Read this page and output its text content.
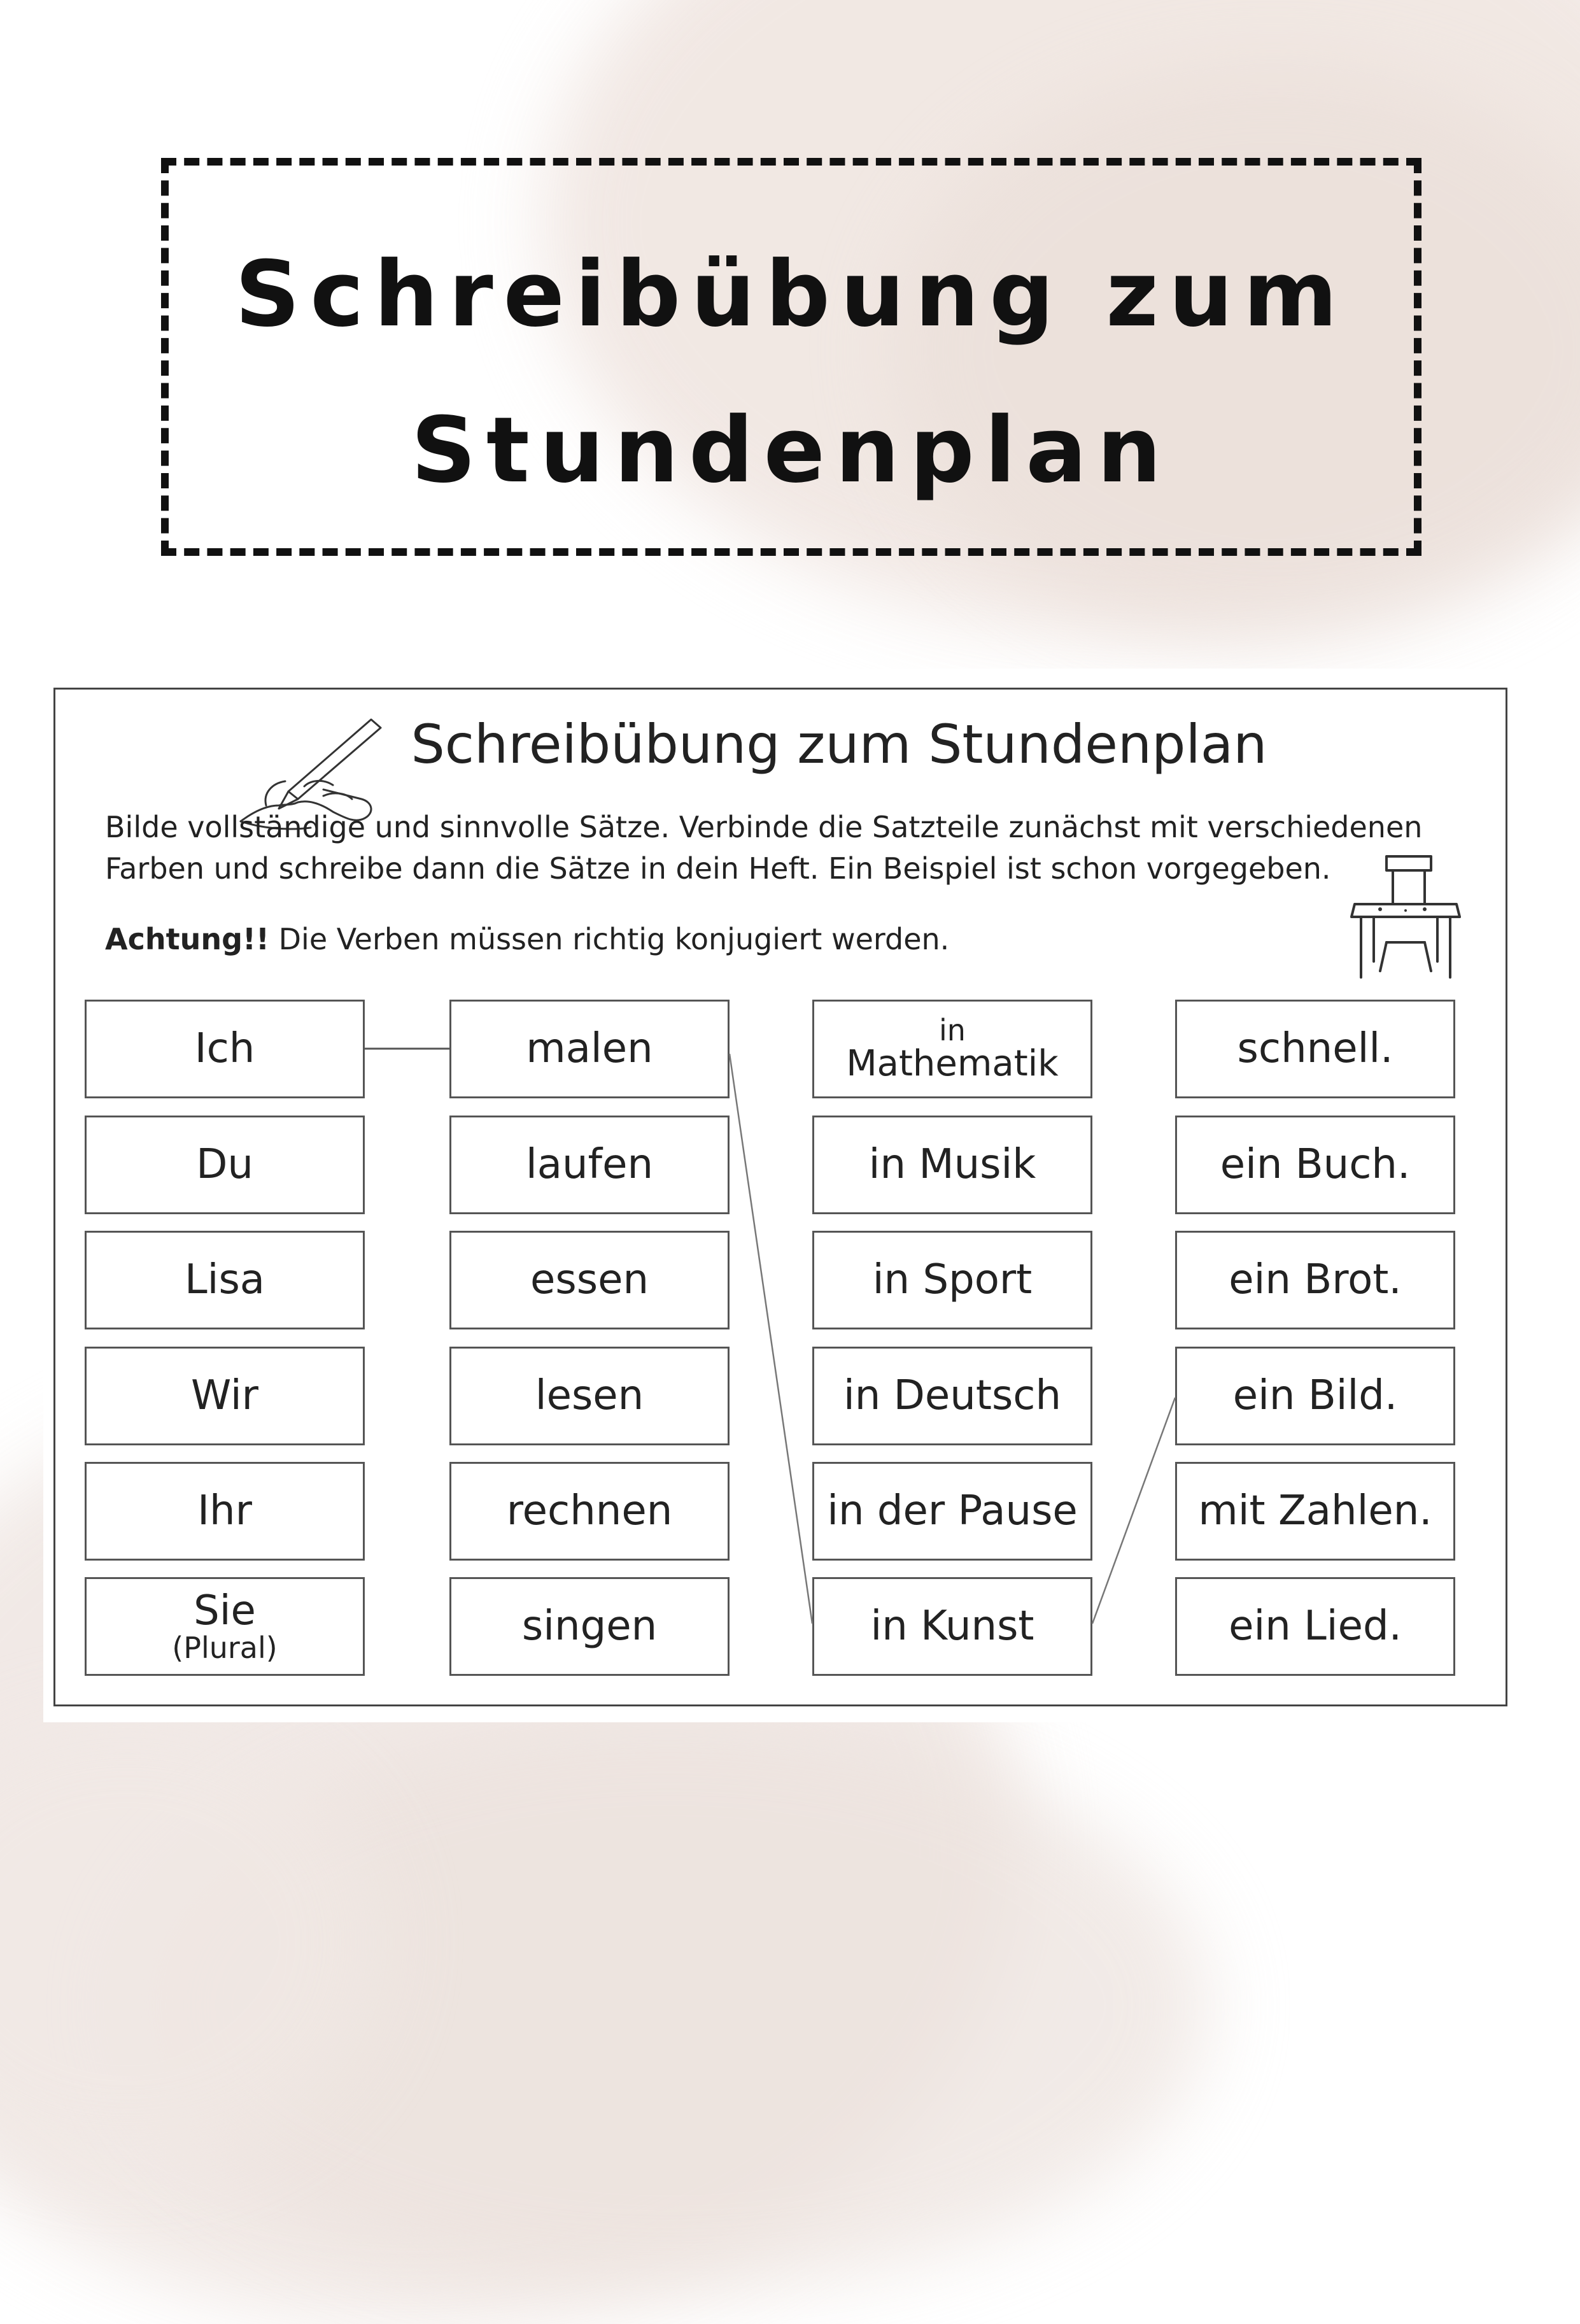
Schreibübung zum
Stundenplan
Schreibübung zum Stundenplan
Bilde vollständige und sinnvolle Sätze. Verbinde die Satzteile zunächst mit verschiedenen
Farben und schreibe dann die Sätze in dein Heft. Ein Beispiel ist schon vorgegeben.
Achtung!! Die Verben müssen richtig konjugiert werden.
Ich
Du
Lisa
Wir
Ihr
Sie
(Plural)
malen
laufen
essen
lesen
rechnen
singen
in
Mathematik
in Musik
in Sport
in Deutsch
in der Pause
in Kunst
schnell.
ein Buch.
ein Brot.
ein Bild.
mit Zahlen.
ein Lied.
